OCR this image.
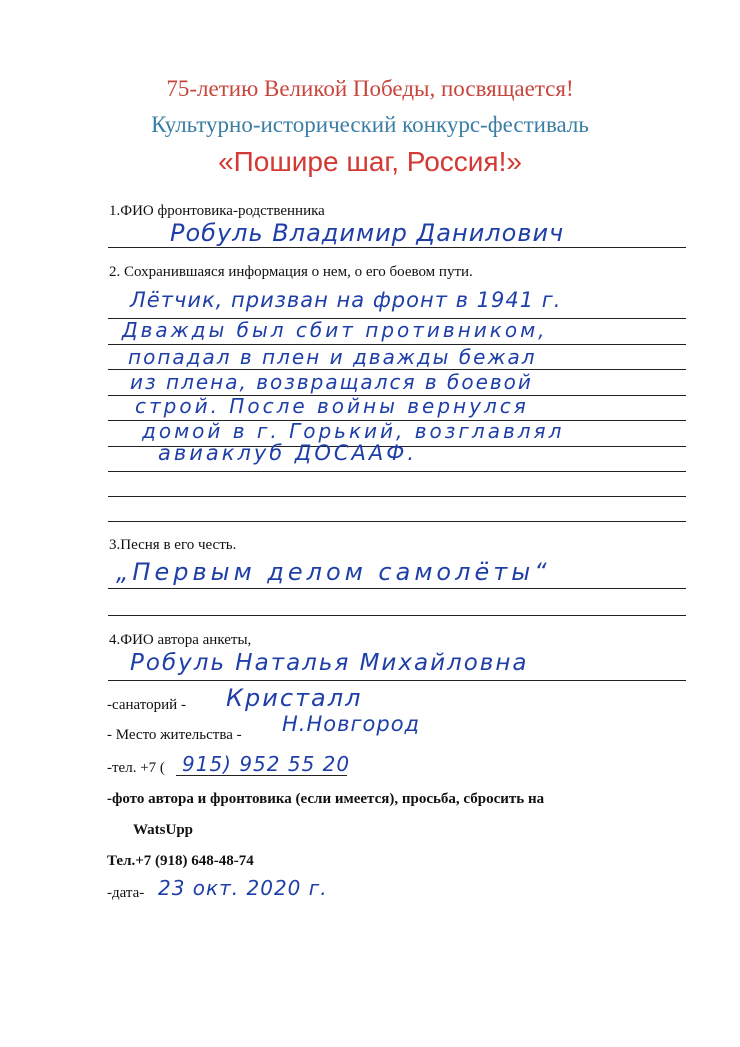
75-летию Великой Победы, посвящается!
Культурно-исторический конкурс-фестиваль
«Пошире шаг, Россия!»
1.ФИО фронтовика-родственника
Робуль Владимир Данилович
2. Сохранившаяся информация о нем, о его боевом пути.
Лётчик, призван на фронт в 1941 г.
Дважды был сбит противником,
попадал в плен и дважды бежал
из плена, возвращался в боевой
строй. После войны вернулся
домой в г. Горький, возглавлял
авиаклуб ДОСААФ.
3.Песня в его честь.
„Первым делом самолёты“
4.ФИО автора анкеты,
Робуль Наталья Михайловна
-санаторий - Кристалл
- Место жительства - Н.Новгород
-тел. +7 ( 915) 952 55 20
-фото автора и фронтовика (если имеется), просьба, сбросить на
WatsUpp
Тел.+7 (918) 648-48-74
-дата- 23 окт. 2020 г.
